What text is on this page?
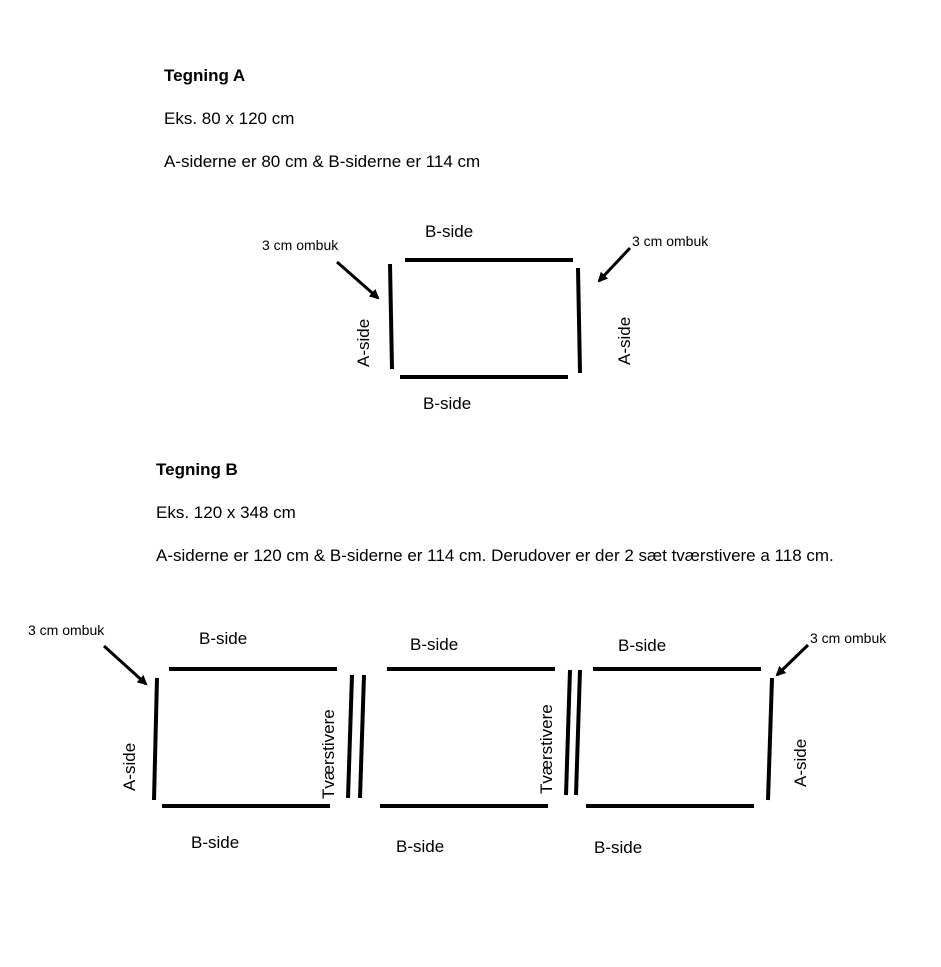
Tegning A
Eks. 80 x 120 cm
A-siderne er 80 cm & B-siderne er 114 cm
Tegning B
Eks. 120 x 348 cm
A-siderne er 120 cm & B-siderne er 114 cm. Derudover er der 2 sæt tværstivere a 118 cm.
B-side
B-side
A-side	A-side
3 cm ombuk	3 cm ombuk
B-side	B-side	B-side
B-side	B-side	B-side
A-side	A-side
Tværstivere	Tværstivere
3 cm ombuk	3 cm ombuk
